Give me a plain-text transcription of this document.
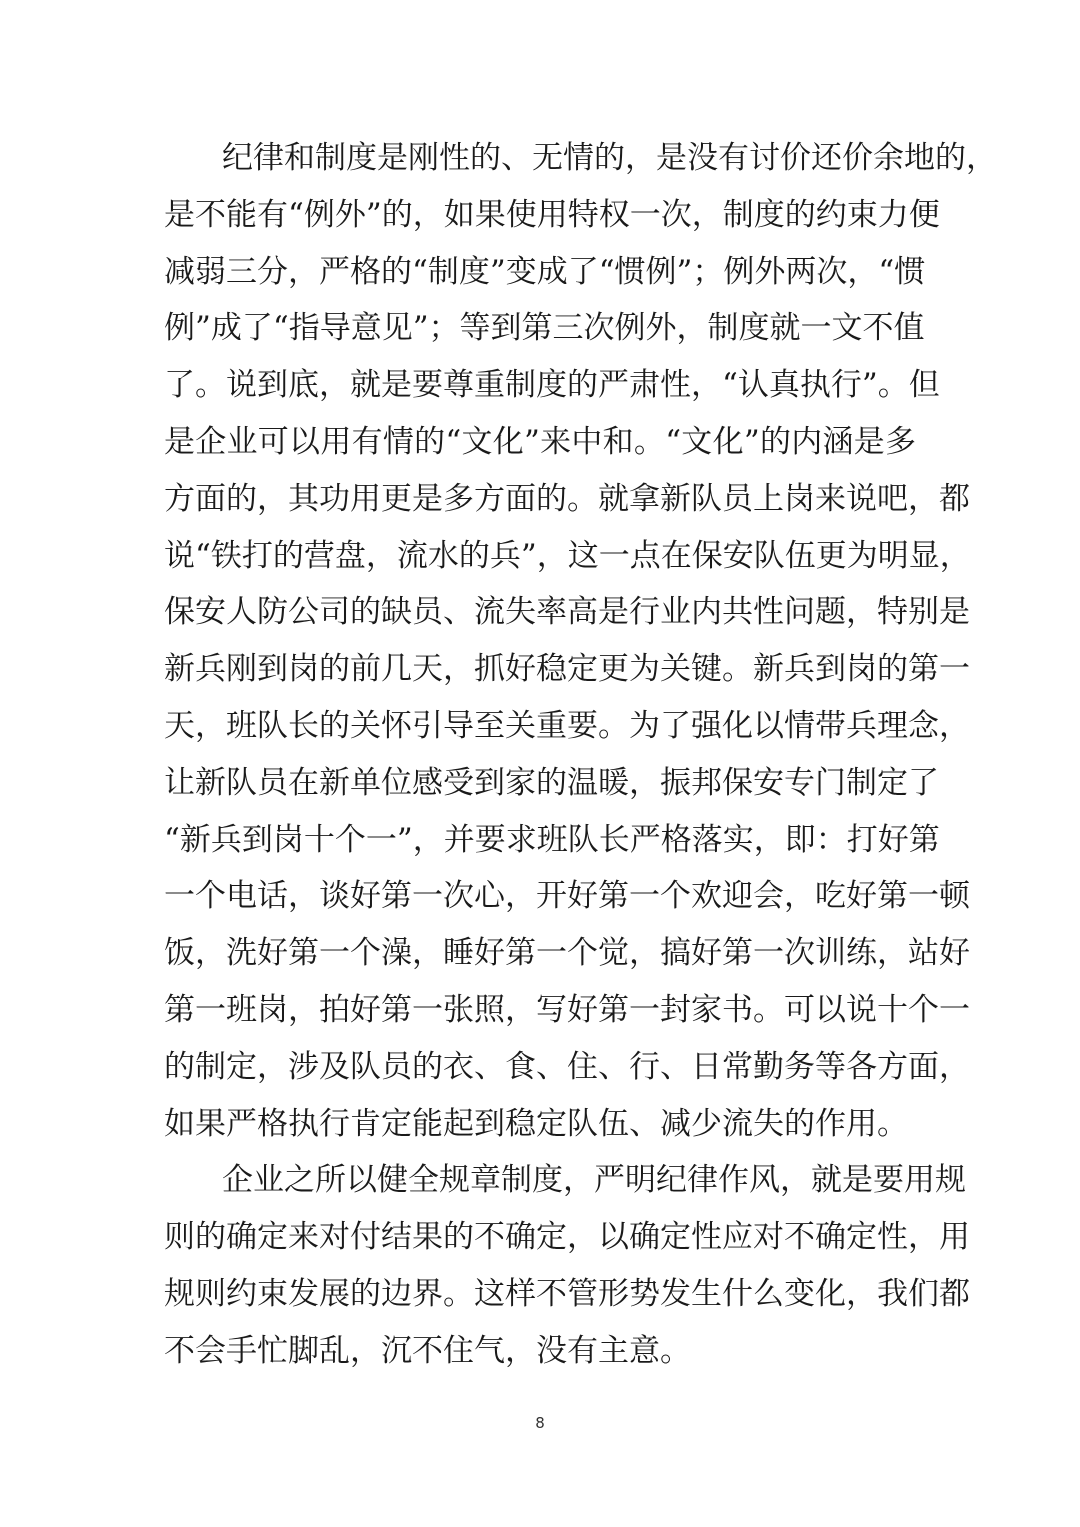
纪律和制度是刚性的、无情的，是没有讨价还价余地的，
是不能有“例外”的，如果使用特权一次，制度的约束力便
减弱三分，严格的“制度”变成了“惯例”；例外两次，“惯
例”成了“指导意见”；等到第三次例外，制度就一文不值
了。说到底，就是要尊重制度的严肃性，“认真执行”。但
是企业可以用有情的“文化”来中和。“文化”的内涵是多
方面的，其功用更是多方面的。就拿新队员上岗来说吧，都
说“铁打的营盘，流水的兵”，这一点在保安队伍更为明显，
保安人防公司的缺员、流失率高是行业内共性问题，特别是
新兵刚到岗的前几天，抓好稳定更为关键。新兵到岗的第一
天，班队长的关怀引导至关重要。为了强化以情带兵理念，
让新队员在新单位感受到家的温暖，振邦保安专门制定了
“新兵到岗十个一”，并要求班队长严格落实，即：打好第
一个电话，谈好第一次心，开好第一个欢迎会，吃好第一顿
饭，洗好第一个澡，睡好第一个觉，搞好第一次训练，站好
第一班岗，拍好第一张照，写好第一封家书。可以说十个一
的制定，涉及队员的衣、食、住、行、日常勤务等各方面，
如果严格执行肯定能起到稳定队伍、减少流失的作用。
企业之所以健全规章制度，严明纪律作风，就是要用规
则的确定来对付结果的不确定，以确定性应对不确定性，用
规则约束发展的边界。这样不管形势发生什么变化，我们都
不会手忙脚乱，沉不住气，没有主意。
8
